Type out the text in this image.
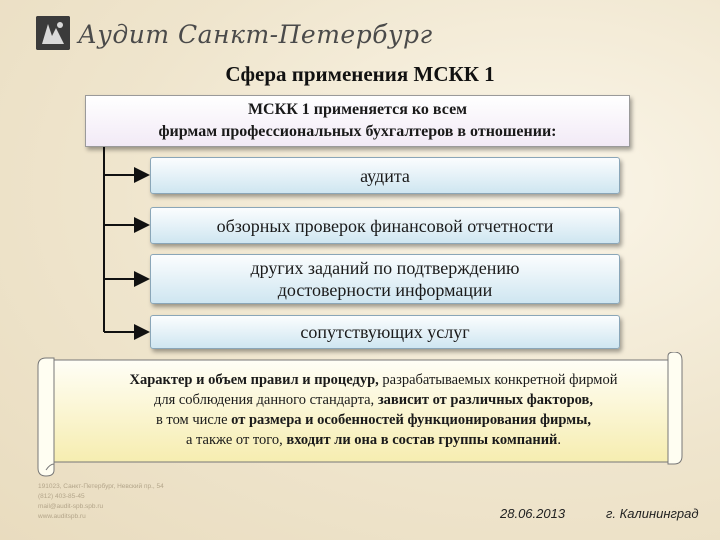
Аудит Санкт-Петербург
Сфера применения МСКК 1
МСКК 1 применяется ко всем
фирмам профессиональных бухгалтеров в отношении:
аудита
обзорных проверок финансовой отчетности
других заданий по подтверждению
достоверности информации
сопутствующих услуг
Характер и объем правил и процедур, разрабатываемых конкретной фирмой
для соблюдения данного стандарта, зависит от различных факторов,
в том числе от размера и особенностей функционирования фирмы,
а также от того, входит ли она в состав группы компаний.
191023, Санкт-Петербург, Невский пр., 54
(812) 403-85-45
mail@audit-spb.spb.ru
www.auditspb.ru	28.06.2013	г. Калининград
